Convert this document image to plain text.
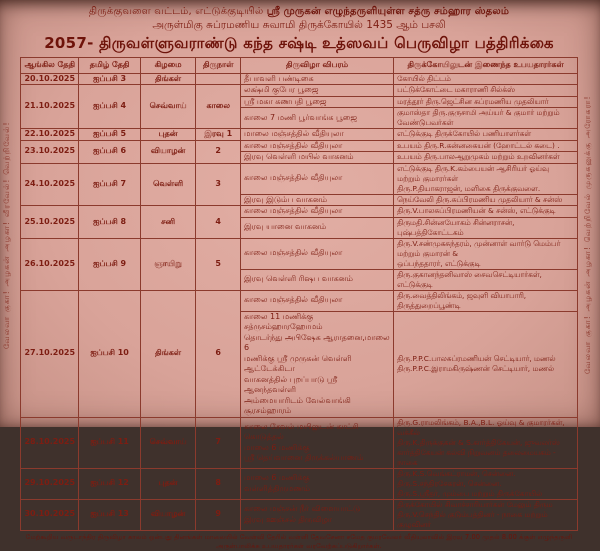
வேலவா குகா! அழகன் அழகா! வீரவேல்! வெற்றிவேல்!	வேலவா குகா! அழகன் அழகா! வெற்றிவேல் முருகனுக்கு அரோகரா!
திருக்குவளை வட்டம், எட்டுக்குடியில் ஸ்ரீ முருகன் எழுந்தருளியுள்ள சத்ரு சம்ஹார ஸ்தலம்
அருள்மிகு சுப்ரமணிய சுவாமி திருக்கோயில் 1435 ஆம் பசலி
2057- திருவள்ளுவராண்டு கந்த சஷ்டி உத்ஸவப் பெருவிழா பத்திரிக்கை
ஆங்கில தேதி	தமிழ் தேதி	கிழமை	திருநாள்	திருவிழா விபரம்	திருக்கோயிலுடன் இணைந்த உபயதாரர்கள்
20.10.2025	ஐப்பசி 3	திங்கள்		தீபாவளி பண்டிகை	கோயில் திட்டம்
21.10.2025	ஐப்பசி 4	செவ்வாய்	காலை	லக்ஷ்மி குபேர பூஜை	பட்டுக்கோட்டை மகாராணி சில்க்ஸ்
				ஸ்ரீ மகா கணபதி பூஜை	மரத்தூர் திரு.ஜெட்சின சுப்ரமணிய முதலியார்
				காலை 7 மணி பூர்வாங்க பூஜை	குமாஸ்தா திரு.குருசாமி அய்யர் & குமார் மற்றும் வேண்டுபவர்கள்
22.10.2025	ஐப்பசி 5	புதன்	இரவு 1	மாலை மஞ்சத்தில் வீதியுலா	எட்டுக்குடி திருக்கோயில் பணியாளர்கள்
23.10.2025	ஐப்பசி 6	வியாழன்	2	காலை மஞ்சத்தில் வீதியுலா	உபயம் திரு.R.கன்னகையன் (ஹோட்டல் கடை) .
				இரவு வெள்ளி மயில் வாகனம்	உபயம் திரு.பாலஆறுமுகம் மற்றும் உறவினர்கள்
24.10.2025	ஐப்பசி 7	வெள்ளி	3	காலை மஞ்சத்தில் வீதியுலா	எட்டுக்குடி திரு.K.கம்பையன் ஆசிரியர் ஓய்வு மற்றும் குமாரர்கள்
திரு.P.தியாகராஜன், மளிகை திருக்குவளை.
				இரவு இடும்ப வாகனம்	நெய்வேலி திரு.சுப்பிரமணிய முதலியார் & சன்ஸ்
25.10.2025	ஐப்பசி 8	சனி	4	காலை மஞ்சத்தில் வீதியுலா	திரு.V.பாலசுப்பிரமணியன் & சன்ஸ், எட்டுக்குடி
				இரவு யானை வாகனம்	திருமதி.சின்னயோகம் சின்னராசன், புஷ்பத்திகோட்டகம்
26.10.2025	ஐப்பசி 9	ஞாயிறு	5	காலை மஞ்சத்தில் வீதியுலா	திரு.V.சண்முகசுந்தரம், முன்னாள் வார்டு மெம்பர் மற்றும் குமாரன் &
ஒப்பந்ததாரர், எட்டுக்குடி
				இரவு வெள்ளி ரிஷப வாகனம்	திரு.குகானந்தனிவாஸ் சைவசெட்டியார்கள், எட்டுக்குடி
27.10.2025	ஐப்பசி 10	திங்கள்	6	காலை மஞ்சத்தில் வீதியுலா	திரு.வைத்திலிங்கம், ஜவுளி வியாபாரி, திருத்துறைப்பூண்டி
				காலை 11 மணிக்கு சத்ருசம்ஹாரஹோமம்
தொடர்ந்து அபிஷேக ஆராதனை,மாலை 6
மணிக்கு ஸ்ரீ முருகன் வெள்ளி ஆட்டேக்கிடா
வாகனத்தில் புறப்பாடு ஸ்ரீ ஆனந்தவள்ளி
அம்மையாரிடம் வேல்வாங்கி சூரசம்ஹாரம்	திரு.P.P.C.பாலசுப்ரமணியன் செட்டியார், மணல்
திரு.P.P.C.இராமகிருஷ்ணன் செட்டியார், மணல்
28.10.2025	ஐப்பசி 11	செவ்வாய்	7	காலை சேவல் மயிலுடன் காட்சி கொடுத்தல்
மாலை 6 மணிக்கு
ஸ்ரீ தெய்வானை திருக்கல்யாணம்	திரு.G.ராமலிங்கம், B.A.,B.L. ஓய்வு & குமாரர்கள், வக்கீல்
திரு.K.திருக்குகன் & S.கார்த்திகேயன், ஜுவலர்ஸ்
கார்த்திகேயன் கல்வி நிறுவனம் தலைமையகம் - நாகை
29.10.2025	ஐப்பசி 12	புதன்	8	மாலை 6 மணிக்கு
வள்ளித்திருமணம்	திரு.K.S.வெங்கட்ராமன், சென்னை.
திரு.S.சந்திரசேகரன், சென்னை.
திரு.S.ஸ்ரீதர், மும்பை மற்றும் திருக்கோயில்
30.10.2025	ஐப்பசி 13	வியாழன்	9	காலை மஞ்சன் நீர் விளையாட்டு
இரவு ஊஞ்சல் திருவிழா	திருக்கோயில் சிவாச்சாரியார்கள் மேலும் திரும
திரு.V.செந்தில் குடும்பத்தினர் - நாகை மற்றும் குழுவினர்
மேற்கூறிய வருடாந்திர திருவிழா காலம் ஒன்பது தினங்கள் மாலையில் வேள்வி தேரில் வள்ளி தேவசேனா சமேத குமரவேலர் வீதியுலாவில் இரவு 7.00 முதல் 8.00 க்குள் எழுந்தருளி அருள்பாலிக்க உபயதாரர்கள் வரவேற்கப்படுகிறார்கள்.
